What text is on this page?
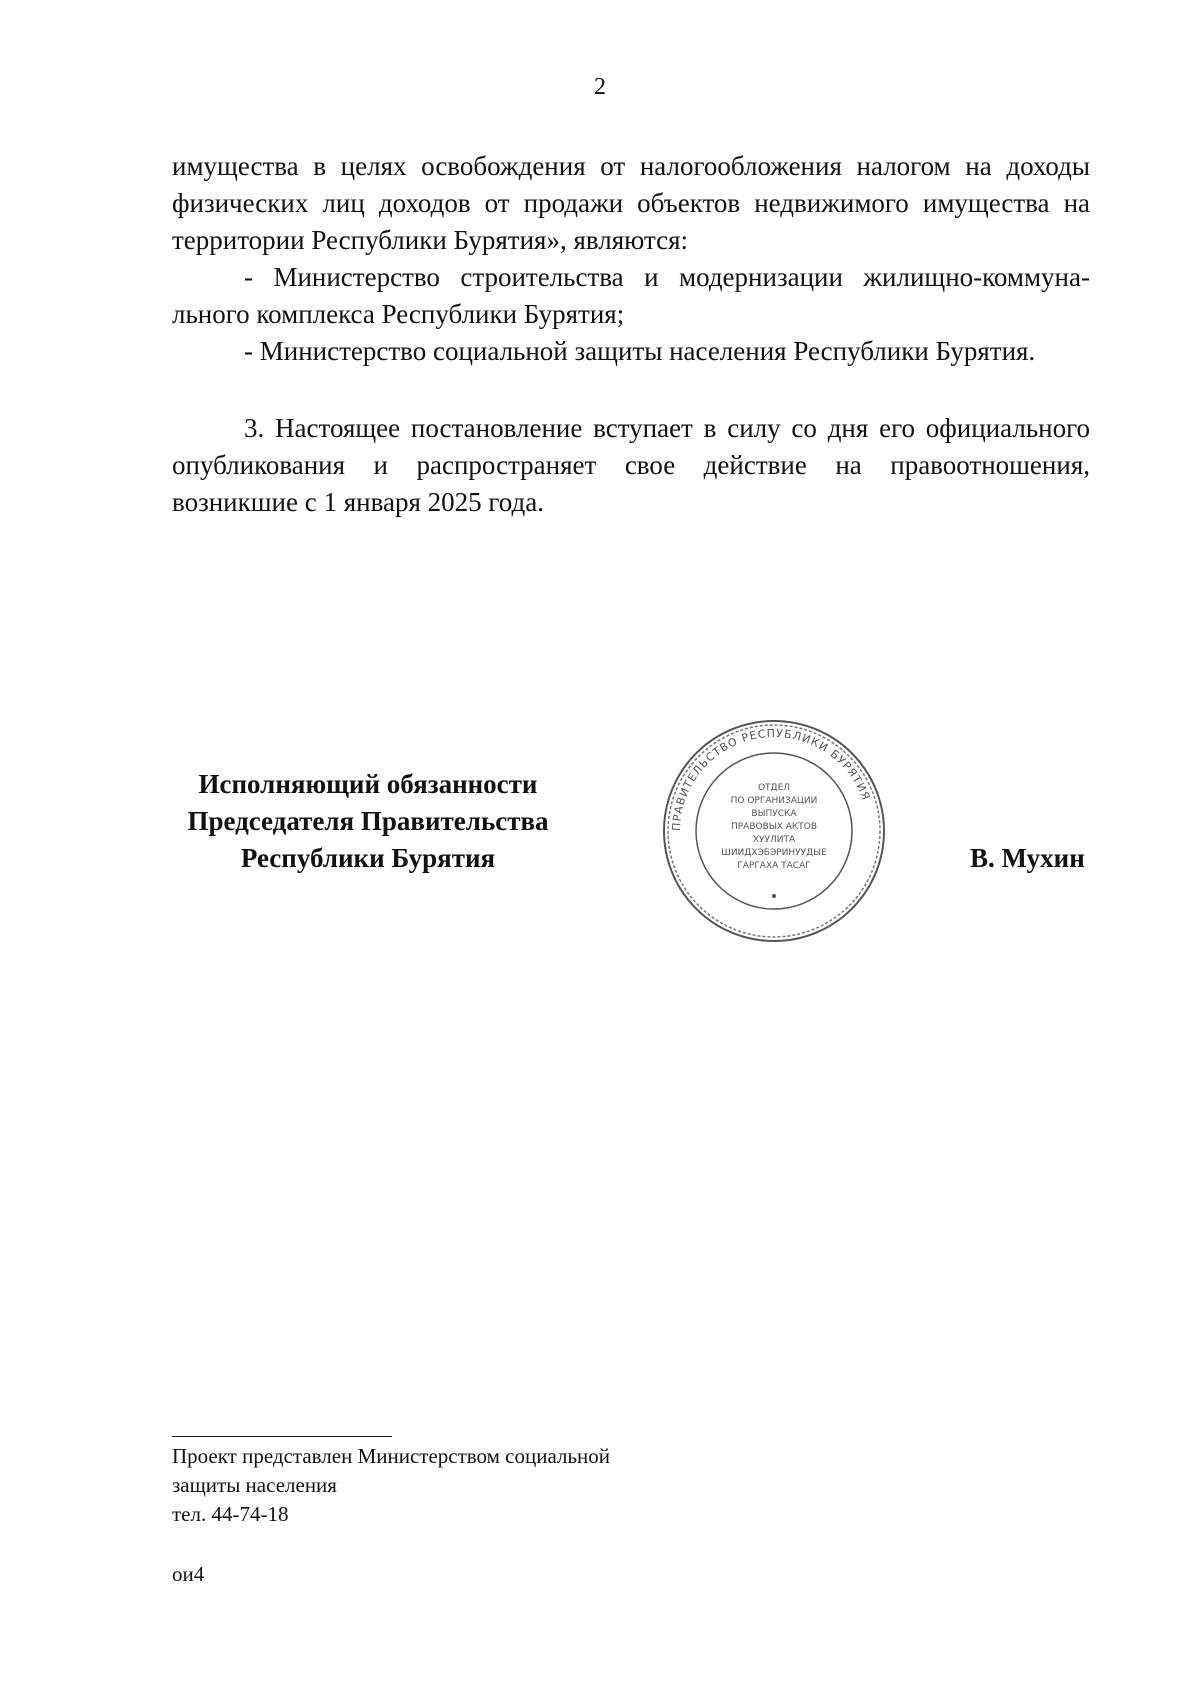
2

имущества в целях освобождения от налогообложения налогом на доходы физических лиц доходов от продажи объектов недвижимого имущества на территории Республики Бурятия», являются:

- Министерство строительства и модернизации жилищно-коммунального комплекса Республики Бурятия;

- Министерство социальной защиты населения Республики Бурятия.

3. Настоящее постановление вступает в силу со дня его официального опубликования и распространяет свое действие на правоотношения, возникшие с 1 января 2025 года.

Исполняющий обязанности
Председателя Правительства
Республики Бурятия
ПРАВИТЕЛЬСТВО РЕСПУБЛИКИ БУРЯТИЯ
ОТДЕЛ
ПО ОРГАНИЗАЦИИ
ВЫПУСКА
ПРАВОВЫХ АКТОВ
ХУУЛИТА
ШИИДХЭБЭРИНУУДЫЕ
ГАРГАХА ТАСАГ	В. Мухин
Проект представлен Министерством социальной
защиты населения
тел. 44-74-18
ои4
